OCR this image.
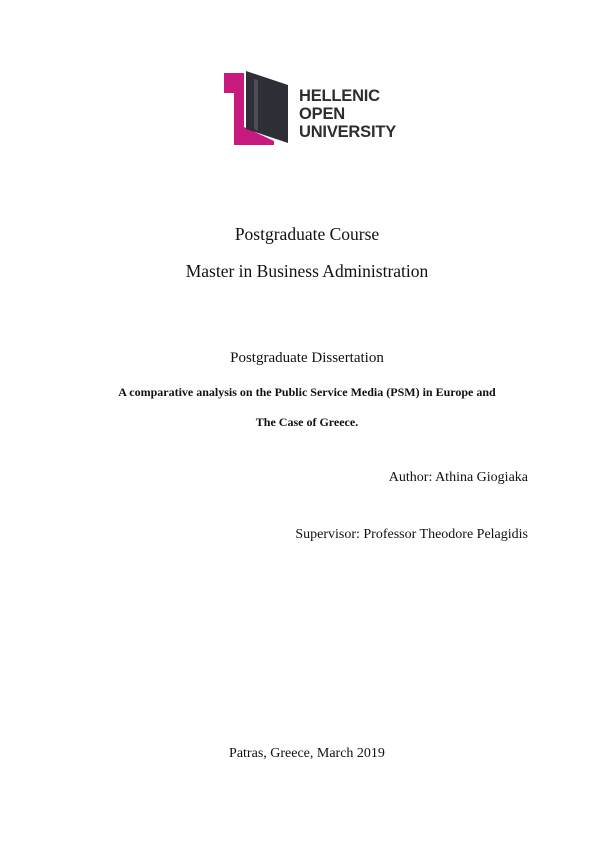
HELLENIC
OPEN
UNIVERSITY
Postgraduate Course
Master in Business Administration
Postgraduate Dissertation
A comparative analysis on the Public Service Media (PSM) in Europe and
The Case of Greece.
Author: Athina Giogiaka
Supervisor: Professor Theodore Pelagidis
Patras, Greece, March 2019
